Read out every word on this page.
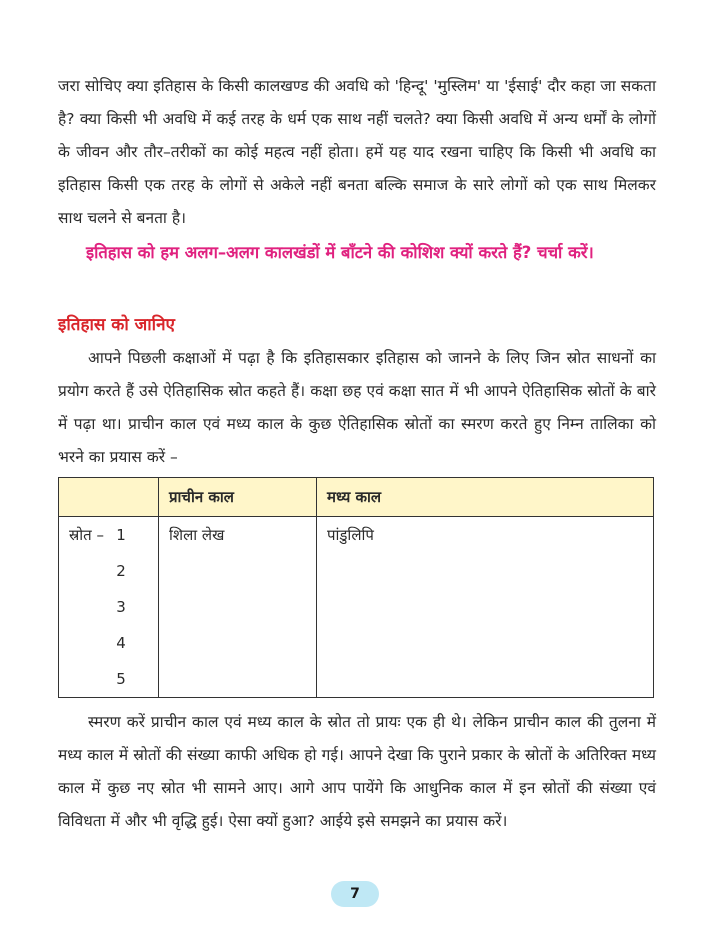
जरा सोचिए क्या इतिहास के किसी कालखण्ड की अवधि को 'हिन्दू' 'मुस्लिम' या 'ईसाई' दौर कहा जा सकता है? क्या किसी भी अवधि में कई तरह के धर्म एक साथ नहीं चलते? क्या किसी अवधि में अन्य धर्मों के लोगों के जीवन और तौर–तरीकों का कोई महत्व नहीं होता। हमें यह याद रखना चाहिए कि किसी भी अवधि का इतिहास किसी एक तरह के लोगों से अकेले नहीं बनता बल्कि समाज के सारे लोगों को एक साथ मिलकर साथ चलने से बनता है।

इतिहास को हम अलग–अलग कालखंडों में बाँटने की कोशिश क्यों करते हैं? चर्चा करें।

इतिहास को जानिए

आपने पिछली कक्षाओं में पढ़ा है कि इतिहासकार इतिहास को जानने के लिए जिन स्रोत साधनों का प्रयोग करते हैं उसे ऐतिहासिक स्रोत कहते हैं। कक्षा छह एवं कक्षा सात में भी आपने ऐतिहासिक स्रोतों के बारे में पढ़ा था। प्राचीन काल एवं मध्य काल के कुछ ऐतिहासिक स्रोतों का स्मरण करते हुए निम्न तालिका को भरने का प्रयास करें –

	प्राचीन काल	मध्य काल
स्रोत – 1	शिला लेख	पांडुलिपि
2		
3		
4		
5		

स्मरण करें प्राचीन काल एवं मध्य काल के स्रोत तो प्रायः एक ही थे। लेकिन प्राचीन काल की तुलना में मध्य काल में स्रोतों की संख्या काफी अधिक हो गई। आपने देखा कि पुराने प्रकार के स्रोतों के अतिरिक्त मध्य काल में कुछ नए स्रोत भी सामने आए। आगे आप पायेंगे कि आधुनिक काल में इन स्रोतों की संख्या एवं विविधता में और भी वृद्धि हुई। ऐसा क्यों हुआ? आईये इसे समझने का प्रयास करें।

7
